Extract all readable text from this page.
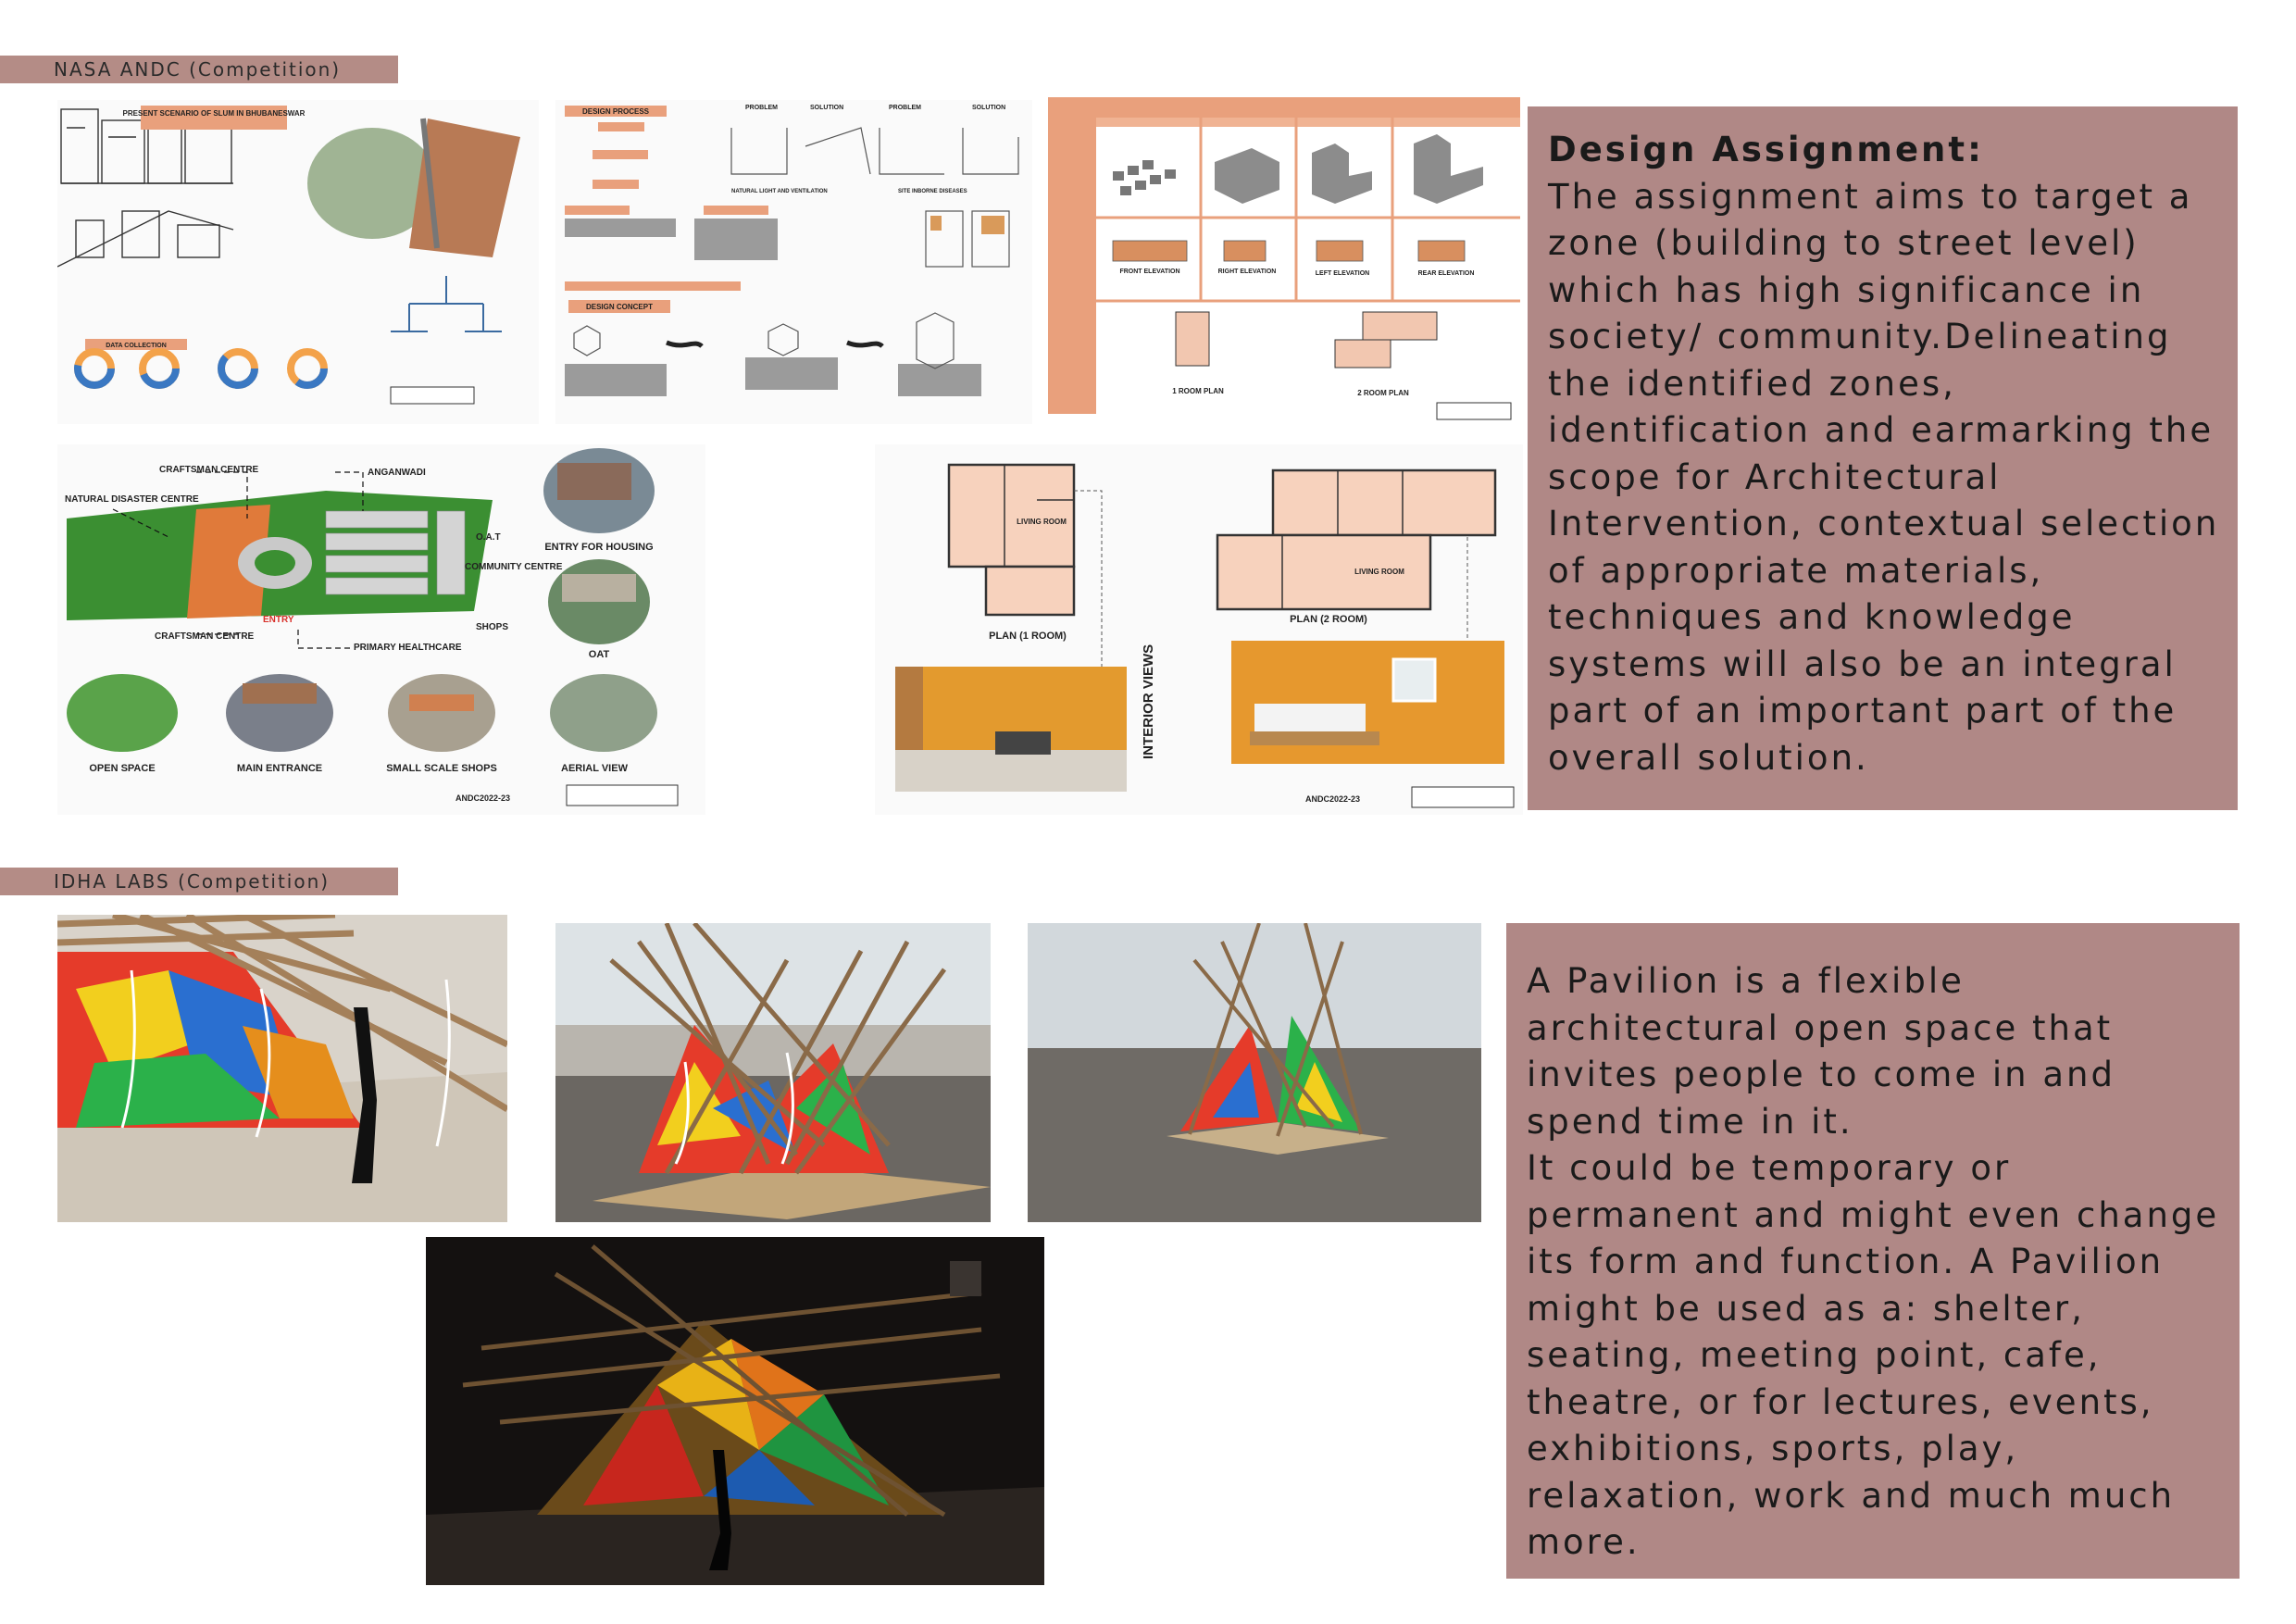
NASA ANDC (Competition)
PRESENT SCENARIO OF SLUM IN BHUBANESWAR
DATA COLLECTION
DESIGN PROCESS
DESIGN CONCEPT
PROBLEM	SOLUTION	PROBLEM	SOLUTION
NATURAL LIGHT AND VENTILATION	SITE INBORNE DISEASES
FRONT ELEVATION	RIGHT ELEVATION	LEFT ELEVATION	REAR ELEVATION
1 ROOM PLAN	2 ROOM PLAN
Design Assignment:
The assignment aims to target a zone (building to street level) which has high significance in society/ community.Delineating the identified zones, identification and earmarking the scope for Architectural Intervention, contextual selection of appropriate materials, techniques and knowledge systems will also be an integral part of an important part of the overall solution.
CRAFTSMAN CENTRE	ANGANWADI
NATURAL DISASTER CENTRE
O.A.T
COMMUNITY CENTRE
SHOPS
ENTRY
CRAFTSMAN CENTRE
PRIMARY HEALTHCARE
ENTRY FOR HOUSING
OAT
OPEN SPACE	MAIN ENTRANCE	SMALL SCALE SHOPS	AERIAL VIEW
ANDC2022-23
LIVING ROOM
LIVING ROOM
PLAN (1 ROOM)
PLAN (2 ROOM)
INTERIOR VIEWS
ANDC2022-23
IDHA LABS (Competition)
A Pavilion is a flexible architectural open space that invites people to come in and spend time in it.
It could be temporary or permanent and might even change its form and function. A Pavilion might be used as a: shelter, seating, meeting point, cafe, theatre, or for lectures, events, exhibitions, sports, play, relaxation, work and much much more.
